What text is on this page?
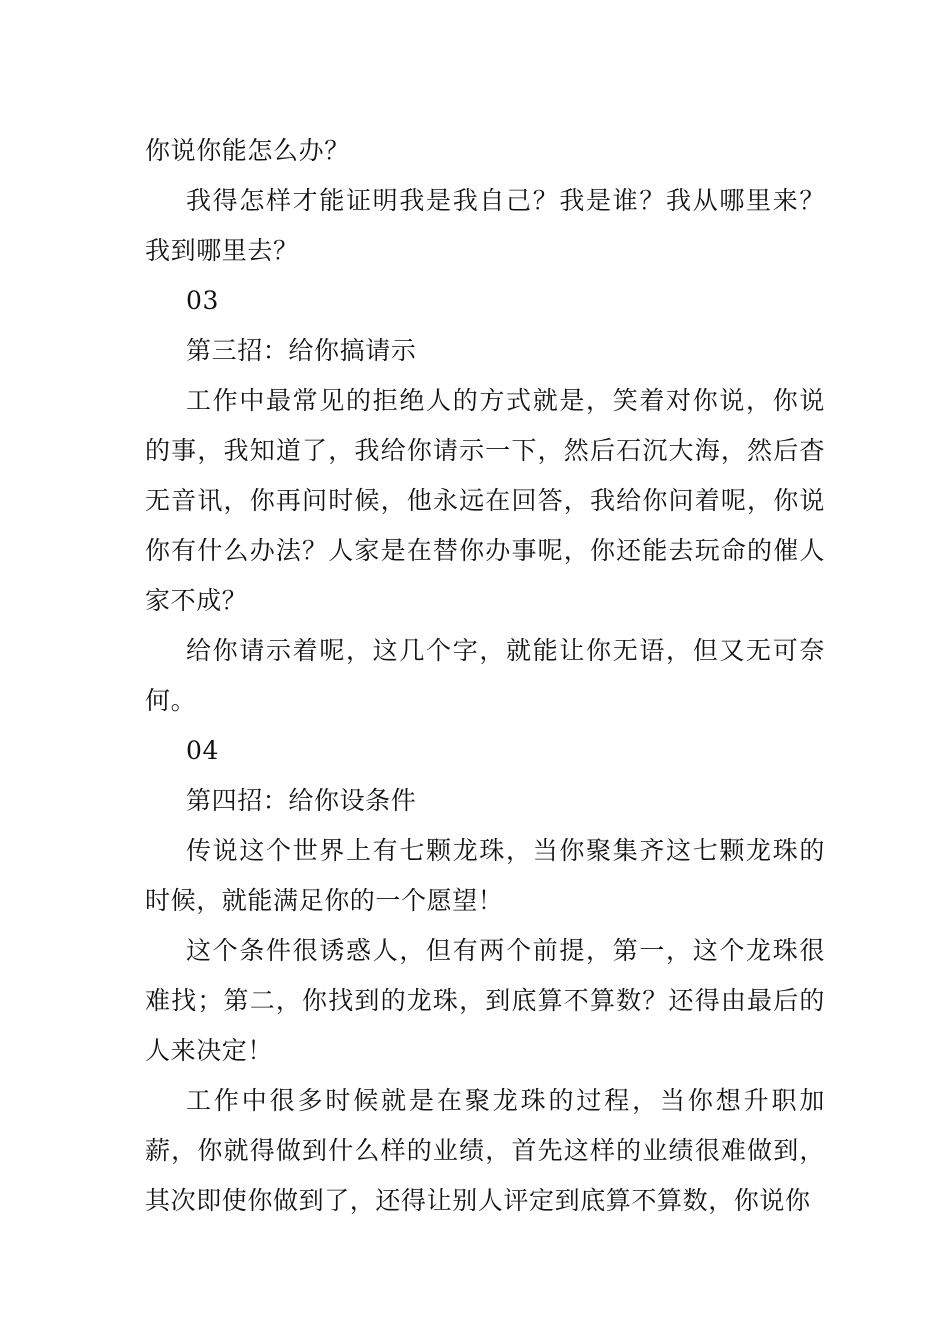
你说你能怎么办？

我得怎样才能证明我是我自己？我是谁？我从哪里来？我到哪里去？

03

第三招：给你搞请示

工作中最常见的拒绝人的方式就是，笑着对你说，你说的事，我知道了，我给你请示一下，然后石沉大海，然后杳无音讯，你再问时候，他永远在回答，我给你问着呢，你说你有什么办法？人家是在替你办事呢，你还能去玩命的催人家不成？

给你请示着呢，这几个字，就能让你无语，但又无可奈何。

04

第四招：给你设条件

传说这个世界上有七颗龙珠，当你聚集齐这七颗龙珠的时候，就能满足你的一个愿望！

这个条件很诱惑人，但有两个前提，第一，这个龙珠很难找；第二，你找到的龙珠，到底算不算数？还得由最后的人来决定！

工作中很多时候就是在聚龙珠的过程，当你想升职加薪，你就得做到什么样的业绩，首先这样的业绩很难做到，其次即使你做到了，还得让别人评定到底算不算数，你说你
